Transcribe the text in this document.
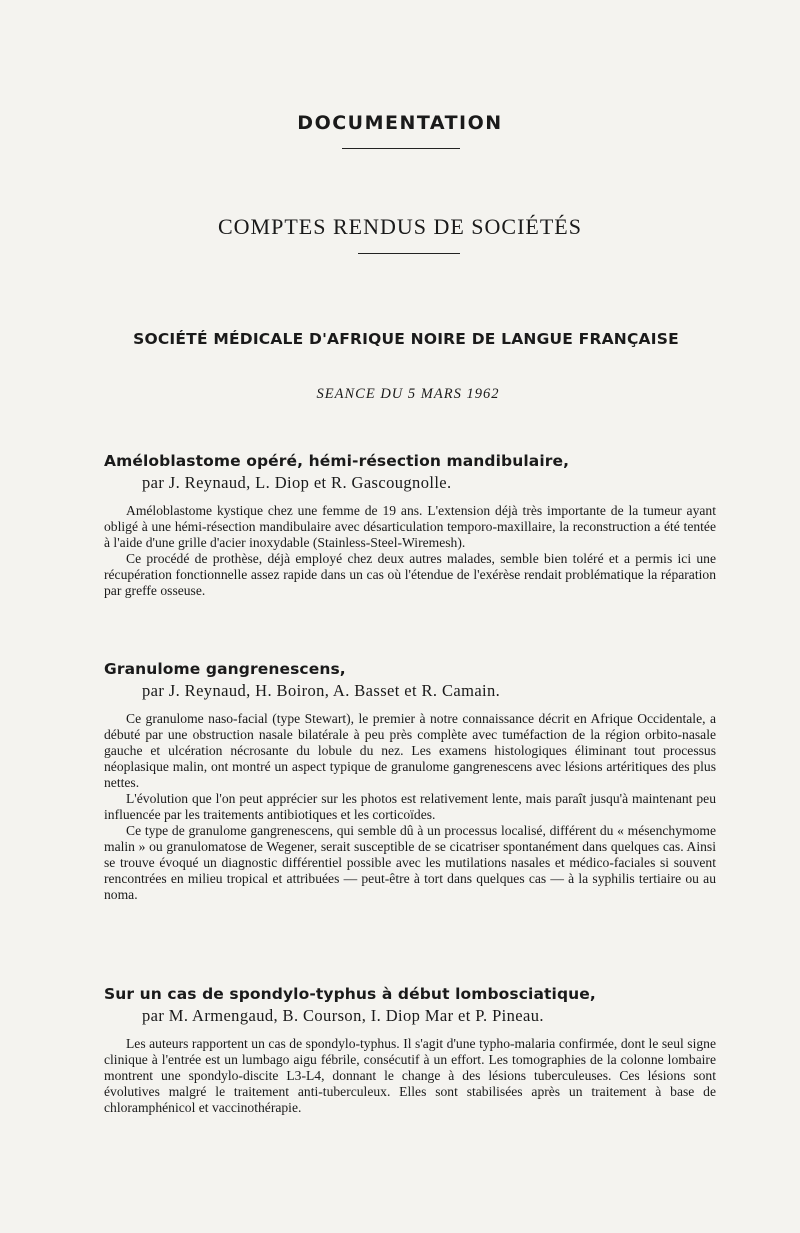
DOCUMENTATION
COMPTES RENDUS DE SOCIÉTÉS
SOCIÉTÉ MÉDICALE D'AFRIQUE NOIRE DE LANGUE FRANÇAISE
SEANCE DU 5 MARS 1962
Améloblastome opéré, hémi-résection mandibulaire,
par J. Reynaud, L. Diop et R. Gascougnolle.

Améloblastome kystique chez une femme de 19 ans. L'extension déjà très importante de la tumeur ayant obligé à une hémi-résection mandibulaire avec désarticulation temporo-maxillaire, la reconstruction a été tentée à l'aide d'une grille d'acier inoxydable (Stainless-Steel-Wiremesh).

Ce procédé de prothèse, déjà employé chez deux autres malades, semble bien toléré et a permis ici une récupération fonctionnelle assez rapide dans un cas où l'étendue de l'exérèse rendait problématique la réparation par greffe osseuse.

Granulome gangrenescens,
par J. Reynaud, H. Boiron, A. Basset et R. Camain.

Ce granulome naso-facial (type Stewart), le premier à notre connaissance décrit en Afrique Occidentale, a débuté par une obstruction nasale bilatérale à peu près complète avec tuméfaction de la région orbito-nasale gauche et ulcération nécrosante du lobule du nez. Les examens histologiques éliminant tout processus néoplasique malin, ont montré un aspect typique de granulome gangrenescens avec lésions artéritiques des plus nettes.

L'évolution que l'on peut apprécier sur les photos est relativement lente, mais paraît jusqu'à maintenant peu influencée par les traitements antibiotiques et les corticoïdes.

Ce type de granulome gangrenescens, qui semble dû à un processus localisé, différent du « mésenchymome malin » ou granulomatose de Wegener, serait susceptible de se cicatriser spontanément dans quelques cas. Ainsi se trouve évoqué un diagnostic différentiel possible avec les mutilations nasales et médico-faciales si souvent rencontrées en milieu tropical et attribuées — peut-être à tort dans quelques cas — à la syphilis tertiaire ou au noma.

Sur un cas de spondylo-typhus à début lombosciatique,
par M. Armengaud, B. Courson, I. Diop Mar et P. Pineau.

Les auteurs rapportent un cas de spondylo-typhus. Il s'agit d'une typho-malaria confirmée, dont le seul signe clinique à l'entrée est un lumbago aigu fébrile, consécutif à un effort. Les tomographies de la colonne lombaire montrent une spondylo-discite L3-L4, donnant le change à des lésions tuberculeuses. Ces lésions sont évolutives malgré le traitement anti-tuberculeux. Elles sont stabilisées après un traitement à base de chloramphénicol et vaccinothérapie.
